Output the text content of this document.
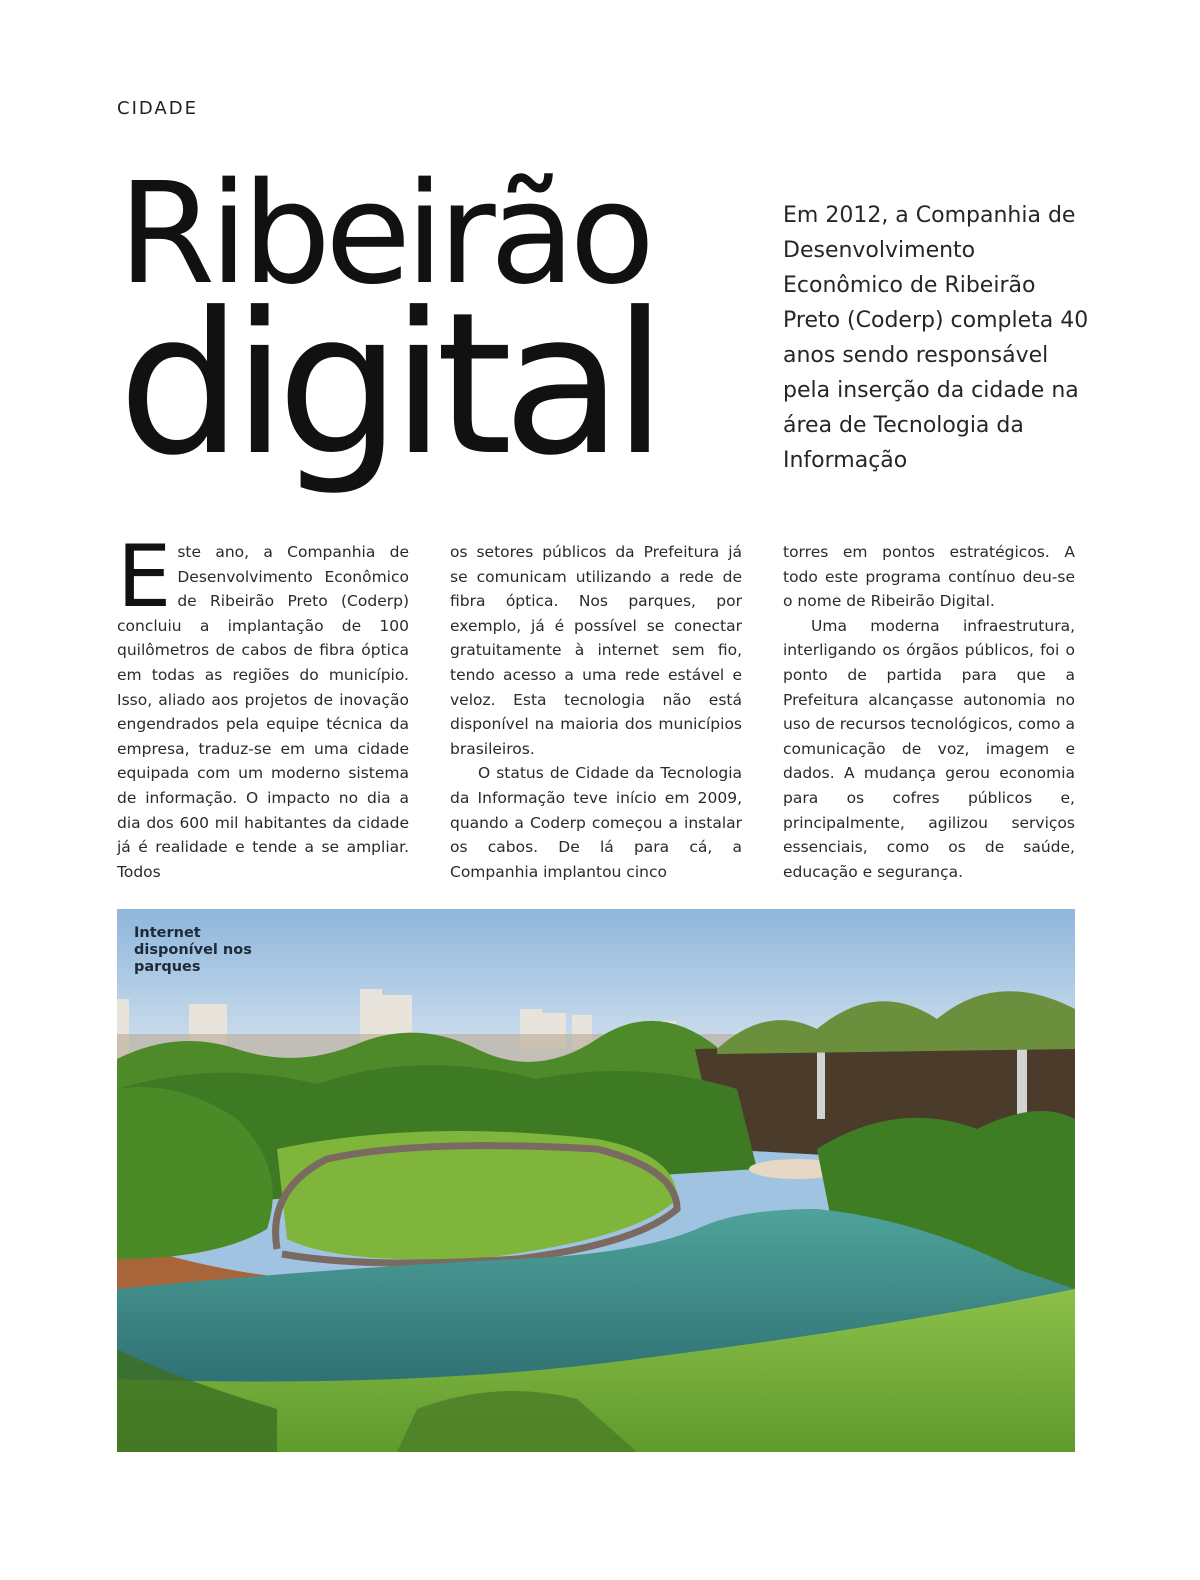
CIDADE
Ribeirão
digital
Em 2012, a Companhia de Desenvolvimento Econômico de Ribeirão Preto (Coderp) completa 40 anos sendo responsável pela inserção da cidade na área de Tecnologia da Informação
E ste ano, a Companhia de Desenvolvimento Econômico de Ribeirão Preto (Coderp) concluiu a implantação de 100 quilômetros de cabos de fibra óptica em todas as regiões do município. Isso, aliado aos projetos de inovação engendrados pela equipe técnica da empresa, traduz-se em uma cidade equipada com um moderno sistema de informação. O impacto no dia a dia dos 600 mil habitantes da cidade já é realidade e tende a se ampliar. Todos

os setores públicos da Prefeitura já se comunicam utilizando a rede de fibra óptica. Nos parques, por exemplo, já é possível se conectar gratuitamente à internet sem fio, tendo acesso a uma rede estável e veloz. Esta tecnologia não está disponível na maioria dos municípios brasileiros.

O status de Cidade da Tecnologia da Informação teve início em 2009, quando a Coderp começou a instalar os cabos. De lá para cá, a Companhia implantou cinco

torres em pontos estratégicos. A todo este programa contínuo deu-se o nome de Ribeirão Digital.

Uma moderna infraestrutura, interligando os órgãos públicos, foi o ponto de partida para que a Prefeitura alcançasse autonomia no uso de recursos tecnológicos, como a comunicação de voz, imagem e dados. A mudança gerou economia para os cofres públicos e, principalmente, agilizou serviços essenciais, como os de saúde, educação e segurança.

Internet disponível nos parques
